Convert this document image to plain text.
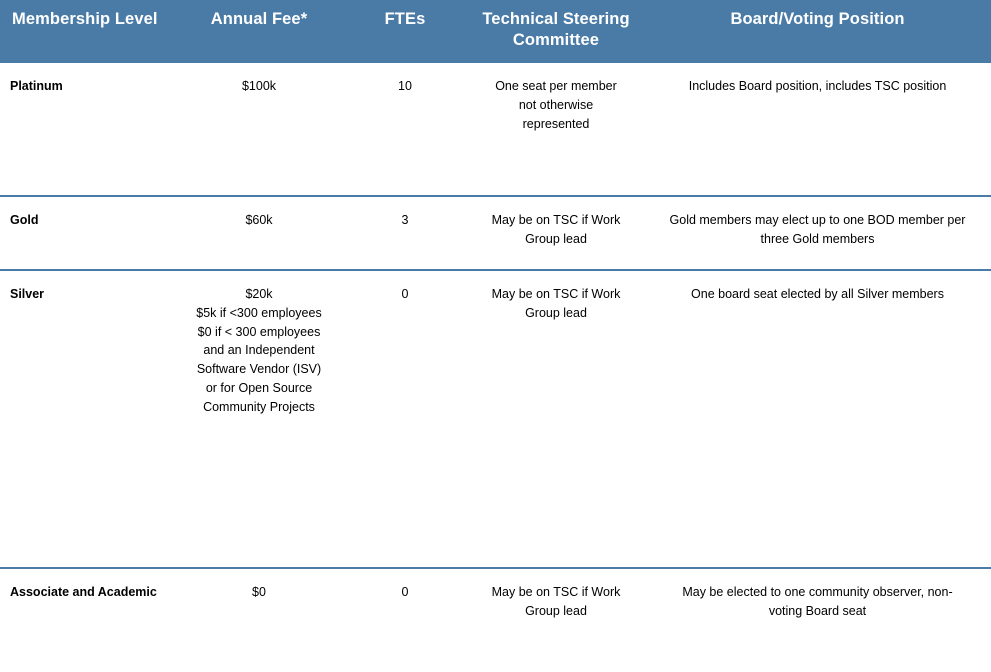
Membership Level	Annual Fee*	FTEs	Technical Steering Committee	Board/Voting Position
Platinum	$100k	10	One seat per member not otherwise represented	Includes Board position, includes TSC position
Gold	$60k	3	May be on TSC if Work Group lead	Gold members may elect up to one BOD member per three Gold members
Silver	$20k $5k if <300 employees $0 if < 300 employees and an Independent Software Vendor (ISV) or for Open Source Community Projects	0	May be on TSC if Work Group lead	One board seat elected by all Silver members
Associate and Academic	$0	0	May be on TSC if Work Group lead	May be elected to one community observer, non-voting Board seat
